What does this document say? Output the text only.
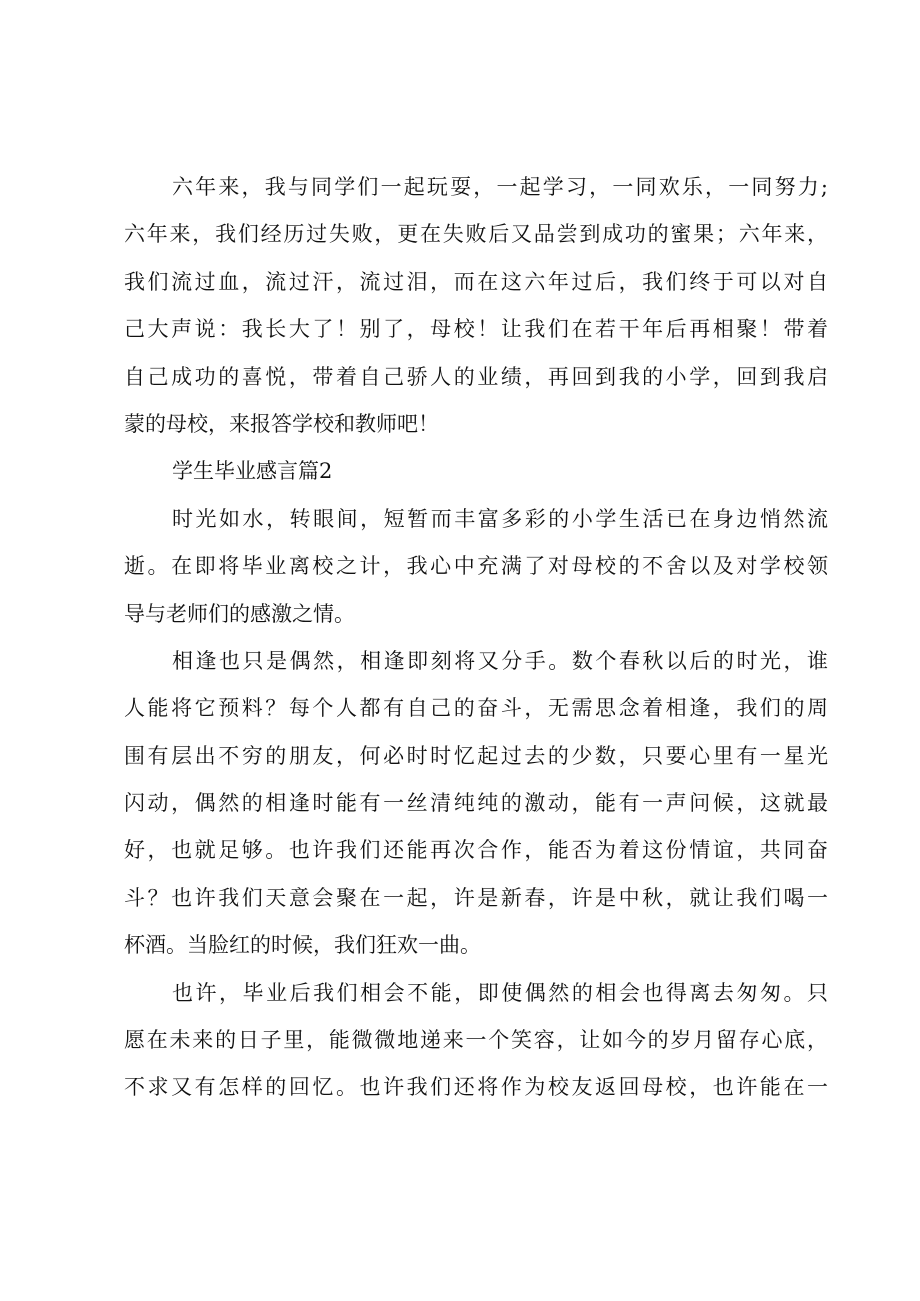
六年来，我与同学们一起玩耍，一起学习，一同欢乐，一同努力;
六年来，我们经历过失败，更在失败后又品尝到成功的蜜果；六年来，
我们流过血，流过汗，流过泪，而在这六年过后，我们终于可以对自
己大声说：我长大了！别了，母校！让我们在若干年后再相聚！带着
自己成功的喜悦，带着自己骄人的业绩，再回到我的小学，回到我启
蒙的母校，来报答学校和教师吧！
学生毕业感言篇2
时光如水，转眼间，短暂而丰富多彩的小学生活已在身边悄然流
逝。在即将毕业离校之计，我心中充满了对母校的不舍以及对学校领
导与老师们的感激之情。
相逢也只是偶然，相逢即刻将又分手。数个春秋以后的时光，谁
人能将它预料？每个人都有自己的奋斗，无需思念着相逢，我们的周
围有层出不穷的朋友，何必时时忆起过去的少数，只要心里有一星光
闪动，偶然的相逢时能有一丝清纯纯的激动，能有一声问候，这就最
好，也就足够。也许我们还能再次合作，能否为着这份情谊，共同奋
斗？也许我们天意会聚在一起，许是新春，许是中秋，就让我们喝一
杯酒。当脸红的时候，我们狂欢一曲。
也许，毕业后我们相会不能，即使偶然的相会也得离去匆匆。只
愿在未来的日子里，能微微地递来一个笑容，让如今的岁月留存心底，
不求又有怎样的回忆。也许我们还将作为校友返回母校，也许能在一
